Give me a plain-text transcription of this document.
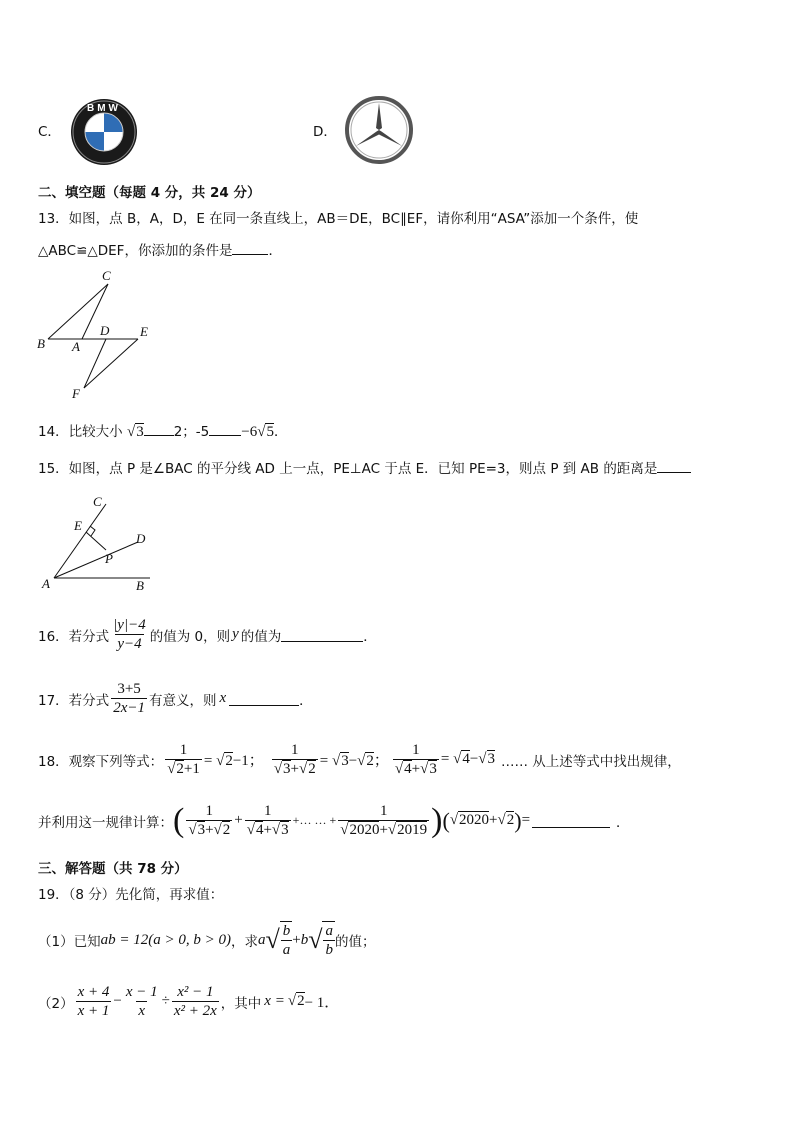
C．
BMW
D．
二、填空题（每题 4 分，共 24 分）
13．如图，点 B，A，D，E 在同一条直线上，AB＝DE，BC∥EF，请你利用“ASA”添加一个条件，使
△ABC≌△DEF，你添加的条件是	．
C
B A
D E
F
14．比较大小 √3 2；-5 −6√5．
15．如图，点 P 是∠BAC 的平分线 AD 上一点，PE⊥AC 于点 E．已知 PE=3，则点 P 到 AB 的距离是
C
E
D
P
A	B
16．若分式 $\frac{|y|-4}{y-4}$ 的值为 0，则 y 的值为	．
17．若分式 $\frac{3+5}{2x-1}$ 有意义，则 x	．
18．观察下列等式： $\frac{1}{√2+1} = √2-1$； $\frac{1}{√3+√2} = √3-√2$； $\frac{1}{√4+√3} = √4-√3$ …… 从上述等式中找出规律，
并利用这一规律计算： ( $\frac{1}{√3+√2} + \frac{1}{√4+√3}$ +… … + $\frac{1}{√2020+√2019}$ ) ( √2020+√2 ) =	．
三、解答题（共 78 分）
19．（8 分）先化简，再求值：
（1）已知 ab = 12(a > 0, b > 0) ，求 a √ $\frac{b}{a} + b$ √ $\frac{a}{b}$ 的值；
$(2) \frac{x + 4}{x + 1} - \frac{x - 1}{x} \div \frac{\text{x² − 1}}{\text{x² + 2x}}$ ，其中 x = √2 − 1．
